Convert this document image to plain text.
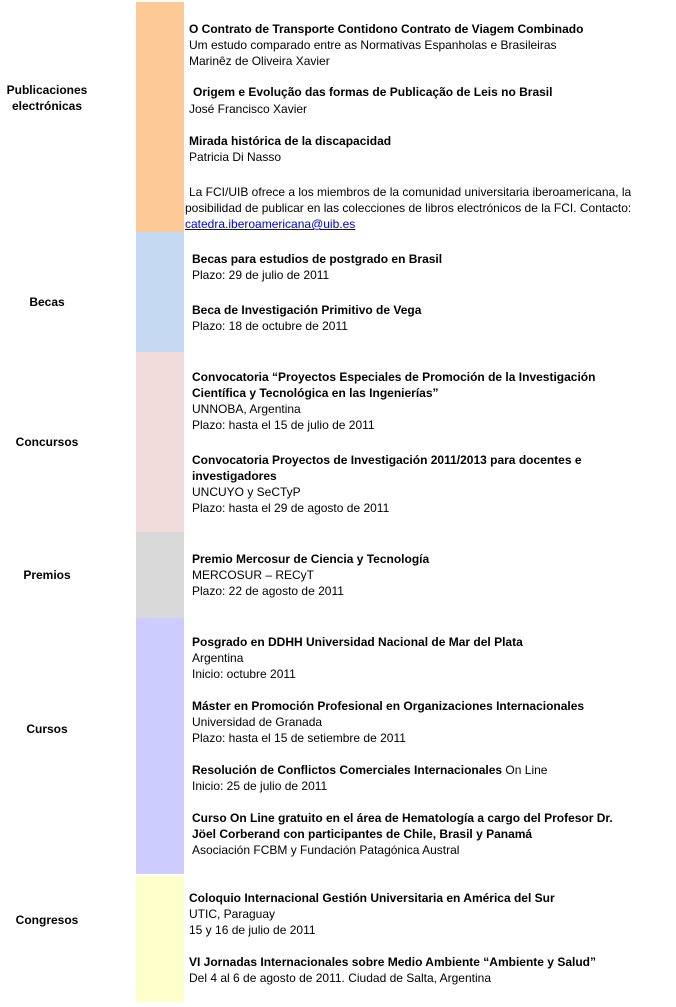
Publicaciones electrónicas
Becas
Concursos
Premios
Cursos
Congresos
O Contrato de Transporte Contidono Contrato de Viagem Combinado
Um estudo comparado entre as Normativas Espanholas e Brasileiras
Marinêz de Oliveira Xavier
Origem e Evolução das formas de Publicação de Leis no Brasil
José Francisco Xavier
Mirada histórica de la discapacidad
Patricia Di Nasso
La FCI/UIB ofrece a los miembros de la comunidad universitaria iberoamericana, la
posibilidad de publicar en las colecciones de libros electrónicos de la FCI. Contacto:
catedra.iberoamericana@uib.es
Becas para estudios de postgrado en Brasil
Plazo: 29 de julio de 2011
Beca de Investigación Primitivo de Vega
Plazo: 18 de octubre de 2011
Convocatoria “Proyectos Especiales de Promoción de la Investigación
Científica y Tecnológica en las Ingenierías”
UNNOBA, Argentina
Plazo: hasta el 15 de julio de 2011
Convocatoria Proyectos de Investigación 2011/2013 para docentes e
investigadores
UNCUYO y SeCTyP
Plazo: hasta el 29 de agosto de 2011
Premio Mercosur de Ciencia y Tecnología
MERCOSUR – RECyT
Plazo: 22 de agosto de 2011
Posgrado en DDHH Universidad Nacional de Mar del Plata
Argentina
Inicio: octubre 2011
Máster en Promoción Profesional en Organizaciones Internacionales
Universidad de Granada
Plazo: hasta el 15 de setiembre de 2011
Resolución de Conflictos Comerciales Internacionales On Line
Inicio: 25 de julio de 2011
Curso On Line gratuito en el área de Hematología a cargo del Profesor Dr.
Jöel Corberand con participantes de Chile, Brasil y Panamá
Asociación FCBM y Fundación Patagónica Austral
Coloquio Internacional Gestión Universitaria en América del Sur
UTIC, Paraguay
15 y 16 de julio de 2011
VI Jornadas Internacionales sobre Medio Ambiente “Ambiente y Salud”
Del 4 al 6 de agosto de 2011. Ciudad de Salta, Argentina
